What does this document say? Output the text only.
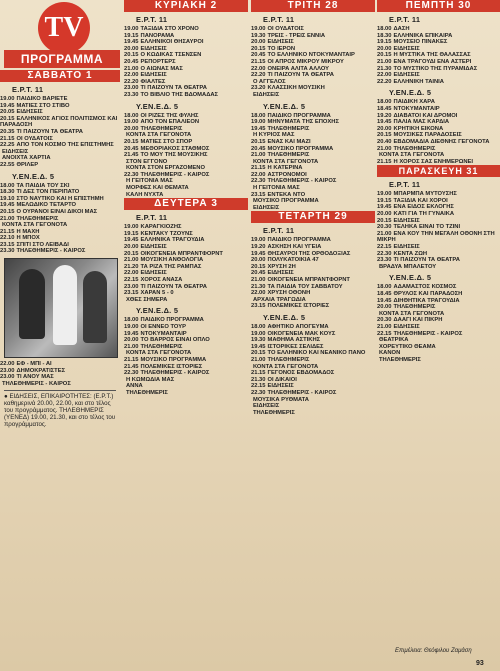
TV
ΠΡΟΓΡΑΜΜΑ
ΣΑΒΒΑΤΟ 1
Ε.Ρ.Τ. 11
19.00 ΠΑΙΔΙΚΟ ΒΑΡΙΕΤΕ
19.45 ΜΑΤΙΕΣ ΣΤΟ ΣΤΙΒΟ
20.05 ΕΙΔΗΣΕΙΣ
20.15 ΕΛΛΗΝΙΚΟΣ ΑΓΙΟΣ ΠΟΛΙΤΙΣΜΟΣ ΚΑΙ ΠΑΡΑΔΟΣΗ
20.35 ΤΙ ΠΑΙΖΟΥΝ ΤΑ ΘΕΑΤΡΑ
21.15 ΟΙ ΟΥΔΑΤΟΙΣ
22.25 ΑΠΟ ΤΟΝ ΚΟΣΜΟ ΤΗΣ ΕΠΙΣΤΗΜΗΣ
ΕΙΔΗΣΕΙΣ
ΑΝΟΙΧΤΑ ΧΑΡΤΙΑ
22.55 ΘΡΙΛΕΡ
Υ.ΕΝ.Ε.Δ. 5
18.00 ΤΑ ΠΑΙΔΙΑ ΤΟΥ ΣΚΙ
18.30 ΤΙ ΔΕΣ ΤΟΝ ΠΕΡΙΠΑΤΟ
19.10 ΣΤΟ ΝΑΥΤΙΚΟ ΚΑΙ Η ΕΠΙΣΤΗΜΗ
19.45 ΜΕΛΩΔΙΚΟ ΤΕΤΑΡΤΟ
20.15 Ο ΟΥΡΑΝΟΙ ΕΙΝΑΙ ΔΙΚΟΙ ΜΑΣ
21.00 ΤΗΛΕΘΗΜΕΡΙΣ
ΚΟΝΤΑ ΣΤΑ ΓΕΓΟΝΟΤΑ
21.15 Η ΜΑΧΗ
22.10 Η ΜΠΟΧ
23.15 ΣΠΙΤΙ ΣΤΟ ΛΕΙΒΑΔΙ
23.30 ΤΗΛΕΘΗΜΕΡΙΣ - ΚΑΙΡΟΣ
22.00 ΕΦ - ΜΠΙ - ΑΙ
23.00 ΔΗΜΟΚΡΑΤΙΣΤΕΣ
23.00 ΤΙ ΑΝΟΥ ΜΑΣ
ΤΗΛΕΘΗΜΕΡΙΣ - ΚΑΙΡΟΣ
● ΕΙΔΗΣΕΙΣ, ΕΠΙΚΑΙΡΟΤΗΤΕΣ: (Ε.Ρ.Τ.) καθημερινά 20.00, 22.00, και στο τέλος του προγράμματος. ΤΗΛΕΘΗΜΕΡΙΣ (ΥΕΝΕΔ) 19.00, 21.30, και στο τέλος του προγράμματος.
ΚΥΡΙΑΚΗ 2
Ε.Ρ.Τ. 11
19.00 ΤΑΞΙΔΙΑ ΣΤΟ ΧΡΟΝΟ
19.15 ΠΑΝΟΡΑΜΑ
19.45 ΕΛΛΗΝΙΚΟΙ ΘΗΣΑΥΡΟΙ
20.00 ΕΙΔΗΣΕΙΣ
20.15 Ο ΚΩΔΙΚΑΣ ΤΣΕΝΣΕΝ
20.45 ΡΕΠΟΡΤΕΡΣ
21.00 Ο ΑΙΩΝΑΣ ΜΑΣ
22.00 ΕΙΔΗΣΕΙΣ
22.20 ΦΙΑΛΤΕΣ
23.00 ΤΙ ΠΑΙΖΟΥΝ ΤΑ ΘΕΑΤΡΑ
23.30 ΤΟ ΒΙΒΛΙΟ ΤΗΣ ΒΔΟΜΑΔΑΣ
Υ.ΕΝ.Ε.Δ. 5
18.00 ΟΙ ΡΙΖΕΣ ΤΗΣ ΦΥΛΗΣ
19.00 ΑΠΟ ΤΟΝ ΕΠΑΛΙΕΟΝ
20.00 ΤΗΛΕΘΗΜΕΡΙΣ
ΚΟΝΤΑ ΣΤΑ ΓΕΓΟΝΟΤΑ
20.15 ΜΑΤΙΕΣ ΣΤΟ ΣΠΟΡ
20.45 ΜΕΘΟΡΙΑΚΟΣ ΣΤΑΘΜΟΣ
21.45 ΤΟ ΜΟΥ ΤΗΣ ΜΟΥΣΙΚΗΣ
ΣΤΟΝ ΕΓΓΟΝΟ
ΚΟΝΤΑ ΣΤΟΝ ΕΡΓΑΖΟΜΕΝΟ
22.30 ΤΗΛΕΘΗΜΕΡΙΣ - ΚΑΙΡΟΣ
Η ΓΕΙΤΟΝΙΑ ΜΑΣ
ΜΟΡΦΕΣ ΚΑΙ ΘΕΜΑΤΑ
ΚΑΛΗ ΝΥΧΤΑ
ΔΕΥΤΕΡΑ 3
Ε.Ρ.Τ. 11
19.00 ΚΑΡΑΓΚΙΟΖΗΣ
19.15 ΚΕΝΤΑΚΥ ΤΖΟΥΝΣ
19.45 ΕΛΛΗΝΙΚΑ ΤΡΑΓΟΥΔΙΑ
20.00 ΕΙΔΗΣΕΙΣ
20.15 ΟΙΚΟΓΕΝΕΙΑ ΜΠΡΑΝΤΦΟΡΝΤ
21.00 ΜΟΥΣΙΚΗ ΑΝΘΟΛΟΓΙΑ
21.20 ΤΑ ΡΙΖΑ ΤΗΣ ΡΑΜΠΑΣ
22.00 ΕΙΔΗΣΕΙΣ
22.15 ΧΟΡΟΣ ΑΝΑΣΑ
23.00 ΤΙ ΠΑΙΖΟΥΝ ΤΑ ΘΕΑΤΡΑ
23.15 ΧΑΡΑΝ 5 - 0
ΧΘΕΣ ΣΗΜΕΡΑ
Υ.ΕΝ.Ε.Δ. 5
18.00 ΠΑΙΔΙΚΟ ΠΡΟΓΡΑΜΜΑ
19.00 ΟΙ ΕΝΝΕΟ ΤΟΥΡ
19.45 ΝΤΟΚΥΜΑΝΤΑΙΡ
20.00 ΤΟ ΒΑΡΡΟΣ ΕΙΝΑΙ ΟΠΛΟ
21.00 ΤΗΛΕΘΗΜΕΡΙΣ
ΚΟΝΤΑ ΣΤΑ ΓΕΓΟΝΟΤΑ
21.15 ΜΟΥΣΙΚΟ ΠΡΟΓΡΑΜΜΑ
21.45 ΠΟΛΕΜΙΚΕΣ ΙΣΤΟΡΙΕΣ
22.30 ΤΗΛΕΘΗΜΕΡΙΣ - ΚΑΙΡΟΣ
Η ΚΩΜΩΔΙΑ ΜΑΣ
ΑΝΝΑ
ΤΗΛΕΘΗΜΕΡΙΣ
ΤΡΙΤΗ 28
Ε.Ρ.Τ. 11
19.00 ΟΙ ΟΥΔΑΤΟΙΣ
19.30 ΤΡΕΙΣ - ΤΡΕΙΣ ΕΝΝΙΑ
20.00 ΕΙΔΗΣΕΙΣ
20.15 ΤΟ ΙΕΡΟΝ
20.45 ΤΟ ΕΛΛΗΝΙΚΟ ΝΤΟΚΥΜΑΝΤΑΙΡ
21.15 ΟΙ ΑΠΡΟΣ ΜΙΚΡΟΥ ΜΙΚΡΟΥ
22.00 ΟΝΕΙΡΑ ΑΛΙΤΑ ΑΛΛΟΥ
22.20 ΤΙ ΠΑΙΖΟΥΝ ΤΑ ΘΕΑΤΡΑ
Ο ΑΓΓΕΛΟΣ
23.20 ΚΛΑΣΣΙΚΗ ΜΟΥΣΙΚΗ
ΕΙΔΗΣΕΙΣ
Υ.ΕΝ.Ε.Δ. 5
18.00 ΠΑΙΔΙΚΟ ΠΡΟΓΡΑΜΜΑ
19.00 ΜΗΝΥΜΑΤΑ ΤΗΣ ΕΠΟΧΗΣ
19.45 ΤΗΛΕΘΗΜΕΡΙΣ
Η ΚΥΡΙΟΣ ΜΑΣ
20.15 ΕΝΑΣ ΚΑΙ ΜΑΖΙ
20.45 ΜΟΥΣΙΚΟ ΠΡΟΓΡΑΜΜΑ
21.00 ΤΗΛΕΘΗΜΕΡΙΣ
ΚΟΝΤΑ ΣΤΑ ΓΕΓΟΝΟΤΑ
21.15 Η ΚΑΤΕΡΙΝΑ
22.00 ΑΣΤΡΟΝΟΜΟΙ
22.30 ΤΗΛΕΘΗΜΕΡΙΣ - ΚΑΙΡΟΣ
Η ΓΕΙΤΟΝΙΑ ΜΑΣ
23.15 ΕΝΤΕΚΑ ΝΤΟ
ΜΟΥΣΙΚΟ ΠΡΟΓΡΑΜΜΑ
ΕΙΔΗΣΕΙΣ
ΤΕΤΑΡΤΗ 29
Ε.Ρ.Τ. 11
19.00 ΠΑΙΔΙΚΟ ΠΡΟΓΡΑΜΜΑ
19.20 ΑΣΚΗΣΗ ΚΑΙ ΥΓΕΙΑ
19.45 ΘΗΣΑΥΡΟΙ ΤΗΣ ΟΡΘΟΔΟΞΙΑΣ
20.00 ΠΟΛΥΚΑΤΟΙΚΙΑ 47
20.15 ΧΡΥΣΗ 2Η
20.45 ΕΙΔΗΣΕΙΣ
21.00 ΟΙΚΟΓΕΝΕΙΑ ΜΠΡΑΝΤΦΟΡΝΤ
21.30 ΤΑ ΠΑΙΔΙΑ ΤΟΥ ΣΑΒΒΑΤΟΥ
22.00 ΧΡΥΣΗ ΟΘΟΝΗ
ΑΡΧΑΙΑ ΤΡΑΓΩΔΙΑ
23.15 ΠΟΛΕΜΙΚΕΣ ΙΣΤΟΡΙΕΣ
Υ.ΕΝ.Ε.Δ. 5
18.00 ΑΦΗΤΙΚΟ ΑΠΟΓΕΥΜΑ
19.00 ΟΙΚΟΓΕΝΕΙΑ ΜΑΚ ΚΟΥΣ
19.30 ΜΑΘΗΜΑ ΑΣΤΙΚΗΣ
19.45 ΙΣΤΟΡΙΚΕΣ ΣΕΛΙΔΕΣ
20.15 ΤΟ ΕΛΛΗΝΙΚΟ ΚΑΙ ΝΕΑΝΙΚΟ ΠΑΝΟ
21.00 ΤΗΛΕΘΗΜΕΡΙΣ
ΚΟΝΤΑ ΣΤΑ ΓΕΓΟΝΟΤΑ
21.15 ΓΕΓΟΝΟΣ ΕΒΔΟΜΑΔΟΣ
21.30 ΟΙ ΔΙΚΑΙΟΙ
22.15 ΕΙΔΗΣΕΙΣ
22.30 ΤΗΛΕΘΗΜΕΡΙΣ - ΚΑΙΡΟΣ
ΜΟΥΣΙΚΑ ΡΥΘΜΑΤΑ
ΕΙΔΗΣΕΙΣ
ΤΗΛΕΘΗΜΕΡΙΣ
ΠΕΜΠΤΗ 30
Ε.Ρ.Τ. 11
18.00 ΔΑΣΗ
18.30 ΕΛΛΗΝΙΚΑ ΕΠΙΚΑΙΡΑ
19.15 ΜΟΥΣΕΙΟ ΠΙΝΑΚΕΣ
20.00 ΕΙΔΗΣΕΙΣ
20.15 Η ΜΥΣΤΙΚΑ ΤΗΣ ΘΑΛΑΣΣΑΣ
21.00 ΕΝΑ ΤΡΑΓΟΥΔΙ ΕΝΑ ΑΣΤΕΡΙ
21.30 ΤΟ ΜΥΣΤΙΚΟ ΤΗΣ ΠΥΡΑΜΙΔΑΣ
22.00 ΕΙΔΗΣΕΙΣ
22.20 ΕΛΛΗΝΙΚΗ ΤΑΙΝΙΑ
Υ.ΕΝ.Ε.Δ. 5
18.00 ΠΑΙΔΙΚΗ ΧΑΡΑ
18.45 ΝΤΟΚΥΜΑΝΤΑΙΡ
19.20 ΔΙΑΒΑΤΟΙ ΚΑΙ ΔΡΟΜΟΙ
19.45 ΠΑΛΙΑ ΜΑΣ ΚΑΡΔΙΑ
20.00 ΚΡΗΤΙΚΗ ΕΙΚΟΝΑ
20.15 ΜΟΥΣΙΚΕΣ ΠΑΡΑΔΟΣΕΙΣ
20.40 ΕΒΔΟΜΑΔΙΑ ΔΙΕΘΝΗΣ ΓΕΓΟΝΟΤΑ
21.00 ΤΗΛΕΘΗΜΕΡΙΣ
ΚΟΝΤΑ ΣΤΑ ΓΕΓΟΝΟΤΑ
21.15 Η ΧΟΡΟΣ ΣΑΣ ΕΝΗΜΕΡΩΝΕΙ
ΠΑΡΑΣΚΕΥΗ 31
Ε.Ρ.Τ. 11
19.00 ΜΠΑΡΜΠΑ ΜΥΤΟΥΣΗΣ
19.15 ΤΑΞΙΔΙΑ ΚΑΙ ΧΟΡΟΙ
19.45 ΕΝΑ ΕΙΔΟΣ ΕΚΛΟΓΗΣ
20.00 ΚΑΤΙ ΓΙΑ ΤΗ ΓΥΝΑΙΚΑ
20.15 ΕΙΔΗΣΕΙΣ
20.30 ΤΕΛΗΚΑ ΕΙΝΑΙ ΤΟ ΤΖΙΝΙ
21.00 ΕΝΑ ΚΟΥ ΤΗΝ ΜΕΓΑΛΗ ΟΘΟΝΗ ΣΤΗ ΜΙΚΡΗ
22.15 ΕΙΔΗΣΕΙΣ
22.30 ΚΕΝΤΑ ΖΩΗ
23.30 ΤΙ ΠΑΙΖΟΥΝ ΤΑ ΘΕΑΤΡΑ
ΒΡΑΔΥΑ ΜΠΑΛΕΤΟΥ
Υ.ΕΝ.Ε.Δ. 5
18.00 ΑΔΑΜΑΣΤΟΣ ΚΟΣΜΟΣ
18.45 ΘΡΥΛΟΣ ΚΑΙ ΠΑΡΑΔΟΣΗ
19.45 ΔΙΗΘΗΤΙΚΑ ΤΡΑΓΟΥΔΙΑ
20.00 ΤΗΛΕΘΗΜΕΡΙΣ
ΚΟΝΤΑ ΣΤΑ ΓΕΓΟΝΟΤΑ
20.30 ΔΑΑΓΙ ΚΑΙ ΠΙΚΡΗ
21.00 ΕΙΔΗΣΕΙΣ
22.15 ΤΗΛΕΘΗΜΕΡΙΣ - ΚΑΙΡΟΣ
ΘΕΑΤΡΙΚΑ
ΧΟΡΕΥΤΙΚΟ ΘΕΑΜΑ
ΚΑΝΟΝ
ΤΗΛΕΘΗΜΕΡΙΣ
Επιμέλεια: Θεόφιλου Ζαμάση
93
